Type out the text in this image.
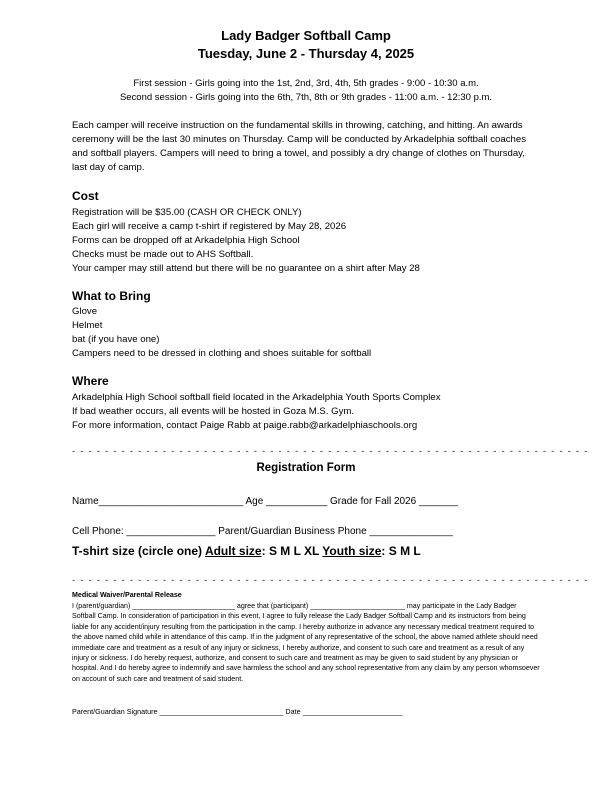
Lady Badger Softball Camp
Tuesday, June 2 - Thursday 4, 2025
First session - Girls going into the 1st, 2nd, 3rd, 4th, 5th grades - 9:00 - 10:30 a.m.
Second session - Girls going into the 6th, 7th, 8th or 9th grades - 11:00 a.m. - 12:30 p.m.
Each camper will receive instruction on the fundamental skills in throwing, catching, and hitting. An awards ceremony will be the last 30 minutes on Thursday. Camp will be conducted by Arkadelphia softball coaches and softball players. Campers will need to bring a towel, and possibly a dry change of clothes on Thursday, last day of camp.
Cost
Registration will be $35.00 (CASH OR CHECK ONLY)
Each girl will receive a camp t-shirt if registered by May 28, 2026
Forms can be dropped off at Arkadelphia High School
Checks must be made out to AHS Softball.
Your camper may still attend but there will be no guarantee on a shirt after May 28
What to Bring
Glove
Helmet
bat (if you have one)
Campers need to be dressed in clothing and shoes suitable for softball
Where
Arkadelphia High School softball field located in the Arkadelphia Youth Sports Complex
If bad weather occurs, all events will be hosted in Goza M.S. Gym.
For more information, contact Paige Rabb at paige.rabb@arkadelphiaschools.org
- - - - - - - - - - - - - - - - - - - - - - - - - - - - - - - - - - - - - - - - - - - - - - - - - - - - - - - - - - - - - - -
Registration Form
Name__________________________ Age ___________ Grade for Fall 2026 _______
Cell Phone: ________________ Parent/Guardian Business Phone _______________
T-shirt size (circle one) Adult size: S M L XL Youth size: S M L
- - - - - - - - - - - - - - - - - - - - - - - - - - - - - - - - - - - - - - - - - - - - - - - - - - - - - - - - - - - - - - -
Medical Waiver/Parental Release
I (parent/guardian) __________________________ agree that (participant) ________________________ may participate in the Lady Badger Softball Camp. In consideration of participation in this event, I agree to fully release the Lady Badger Softball Camp and its instructors from being liable for any accident/injury resulting from the participation in the camp. I hereby authorize in advance any necessary medical treatment required to the above named child while in attendance of this camp. If in the judgment of any representative of the school, the above named athlete should need immediate care and treatment as a result of any injury or sickness, I hereby authorize, and consent to such care and treatment as a result of any injury or sickness. I do hereby request, authorize, and consent to such care and treatment as may be given to said student by any physician or hospital. And I do hereby agree to indemnify and save harmless the school and any school representative from any claim by any person whomsoever on account of such care and treatment of said student.
Parent/Guardian Signature _______________________________ Date _________________________
